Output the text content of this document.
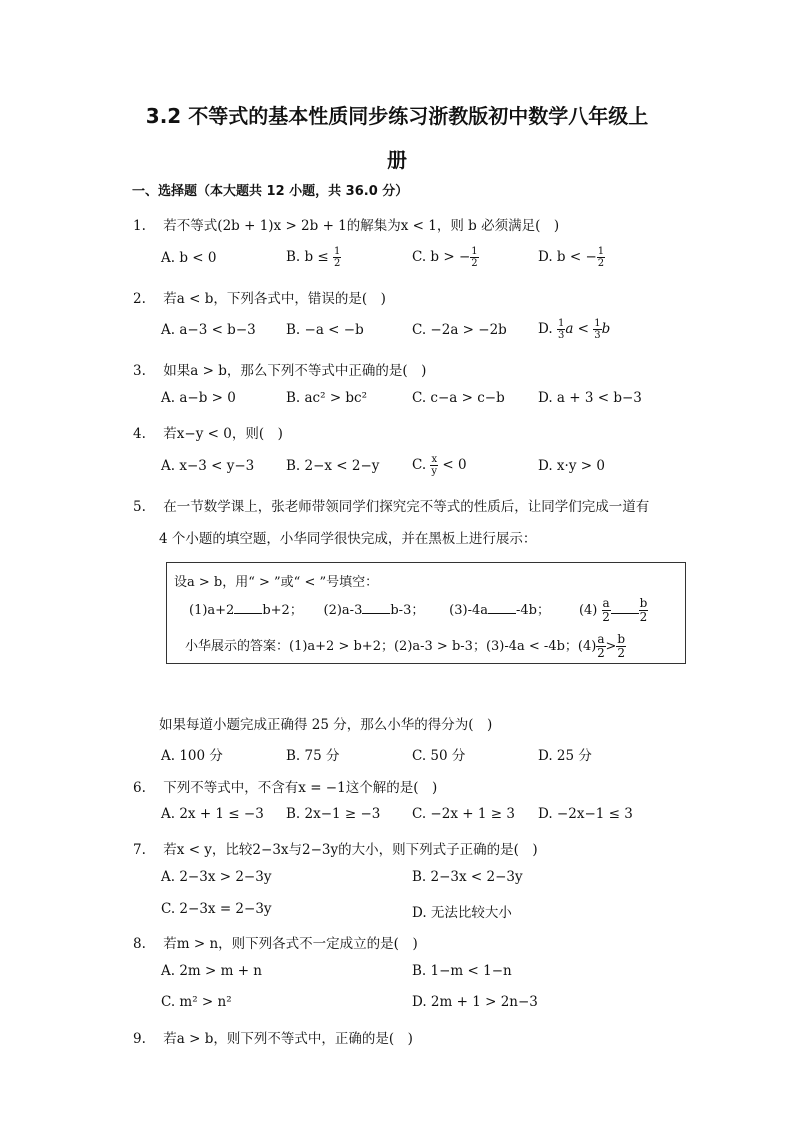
3.2 不等式的基本性质同步练习浙教版初中数学八年级上
册
一、选择题（本大题共 12 小题，共 36.0 分）
1. 若不等式(2b + 1)x > 2b + 1的解集为x < 1，则 b 必须满足(　)
A. b < 0	B. $b \le \frac{1}{2}$	C. b > − $\frac{1}{2}$	D. b < − $\frac{1}{2}$
2. 若a < b，下列各式中，错误的是(　)
A. a−3 < b−3 B. −a < −b	C. −2a > −2b D. $\frac{1}{3}$ $a < \frac{1}{3}$ b
3. 如果a > b，那么下列不等式中正确的是(　)
A. a−b > 0	B. ac² > bc²	C. c−a > c−b D. a + 3 < b−3
4. 若x−y < 0，则(　)
A. x−3 < y−3 B. 2−x < 2−y C. $\frac{x}{y} < 0$	D. x·y > 0
5. 在一节数学课上，张老师带领同学们探究完不等式的性质后，让同学们完成一道有
4 个小题的填空题，小华同学很快完成，并在黑板上进行展示：
设a > b，用“ > ”或“ < ”号填空：
(1)a+2 b+2； (2)a-3 b-3； (3)-4a -4b； $(4) \frac{a}{2} \frac{b}{2}$
小华展示的答案：(1)a+2 > b+2；(2)a-3 > b-3；(3)-4a < -4b；$(4) \frac{a}{2} > \frac{b}{2}$
如果每道小题完成正确得 25 分，那么小华的得分为(　)
A. 100 分	B. 75 分	C. 50 分	D. 25 分
6. 下列不等式中，不含有x = −1这个解的是(　)
A. 2x + 1 ≤ −3 B. 2x−1 ≥ −3 C. −2x + 1 ≥ 3 D. −2x−1 ≤ 3
7. 若x < y，比较2−3x与2−3y的大小，则下列式子正确的是(　)
A. 2−3x > 2−3y	B. 2−3x < 2−3y
C. 2−3x = 2−3y	D. 无法比较大小
8. 若m > n，则下列各式不一定成立的是(　)
A. 2m > m + n	B. 1−m < 1−n
C. m² > n²	D. 2m + 1 > 2n−3
9. 若a > b，则下列不等式中，正确的是(　)
